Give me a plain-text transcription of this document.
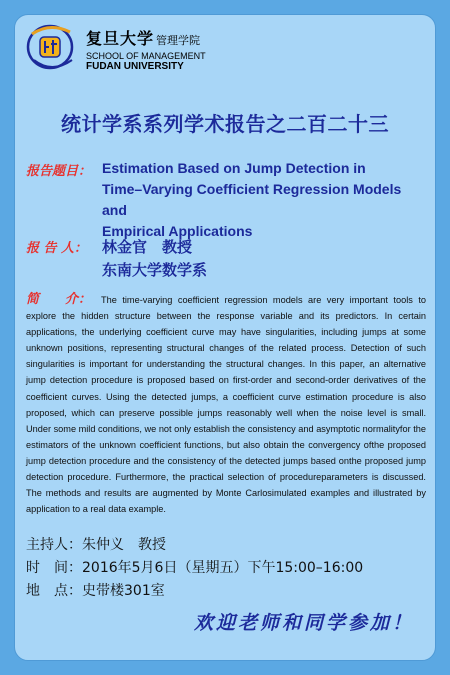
复旦大学 管理学院
SCHOOL OF MANAGEMENT
FUDAN UNIVERSITY
统计学系系列学术报告之二百二十三
报告题目： Estimation Based on Jump Detection in
Time–Varying Coefficient Regression Models and
Empirical Applications
报 告 人： 林金官　教授
东南大学数学系
简　　介： The time-varying coefficient regression models are very important tools to explore the hidden structure between the response variable and its predictors. In certain applications, the underlying coefficient curve may have singularities, including jumps at some unknown positions, representing structural changes of the related process. Detection of such singularities is important for understanding the structural changes. In this paper, an alternative jump detection procedure is proposed based on first-order and second-order derivatives of the coefficient curves. Using the detected jumps, a coefficient curve estimation procedure is also proposed, which can preserve possible jumps reasonably well when the noise level is small. Under some mild conditions, we not only establish the consistency and asymptotic normalityfor the estimators of the unknown coefficient functions, but also obtain the convergency ofthe proposed jump detection procedure and the consistency of the detected jumps based onthe proposed jump detection procedure. Furthermore, the practical selection of procedureparameters is discussed. The methods and results are augmented by Monte Carlosimulated examples and illustrated by application to a real data example.
主持人：朱仲义　教授
时　间：2016年5月6日（星期五）下午15:00–16:00
地　点：史带楼301室
欢迎老师和同学参加！
